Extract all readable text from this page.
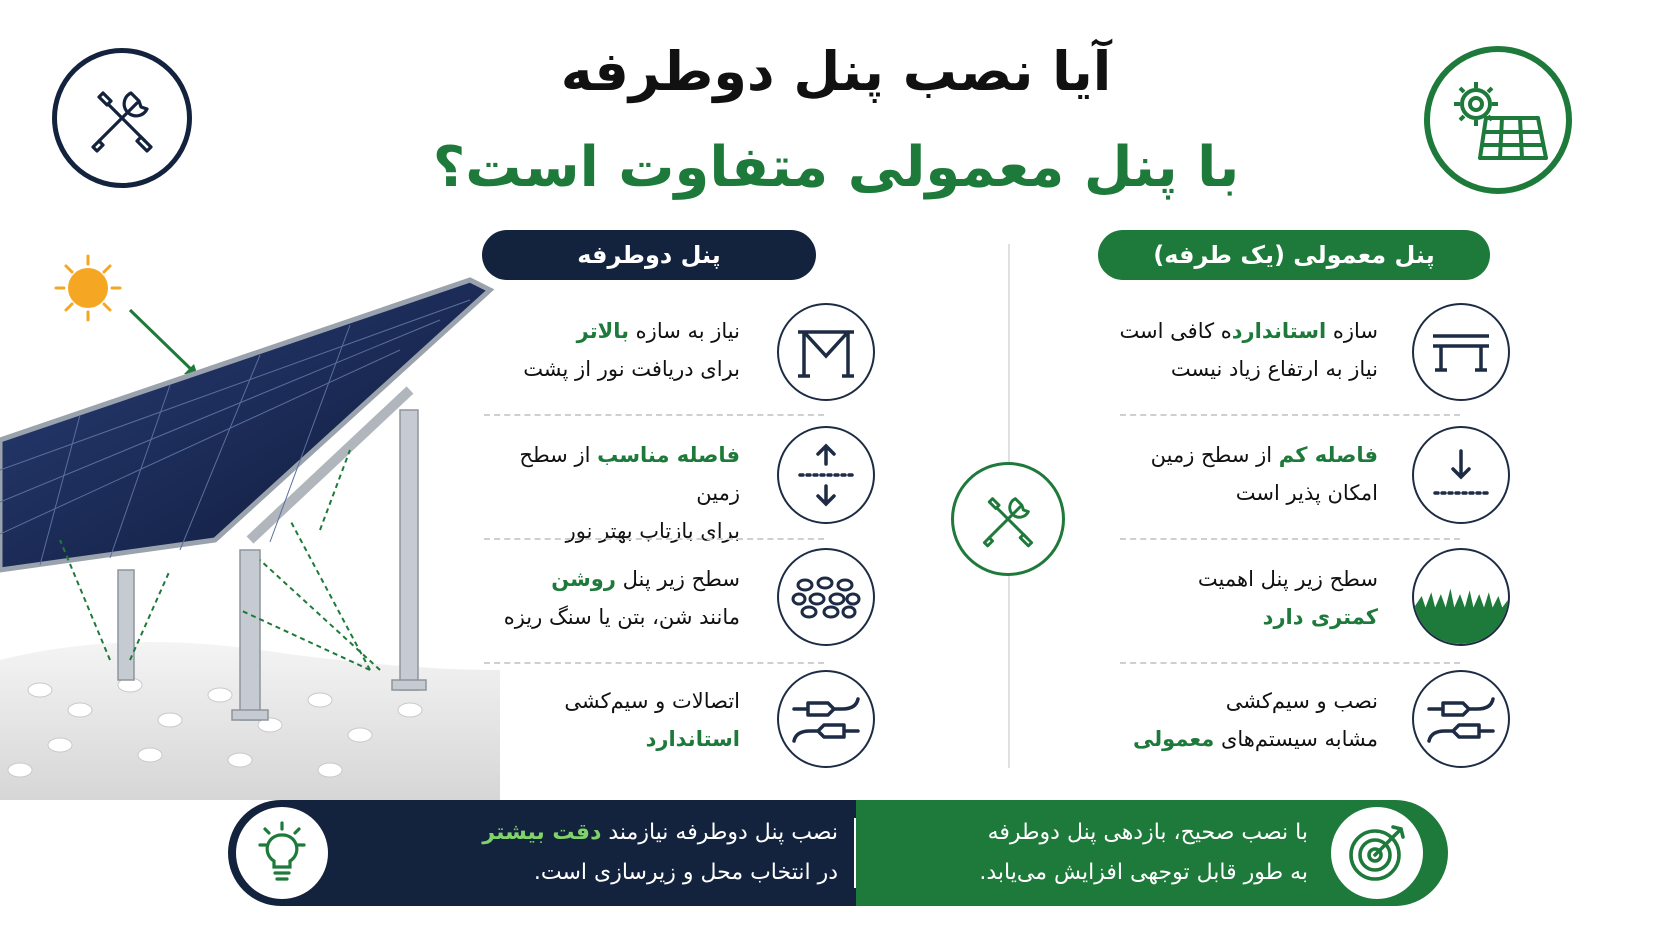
آیا نصب پنل دوطرفه
با پنل معمولی متفاوت است؟
پنل دوطرفه	پنل معمولی (یک طرفه)
نیاز به سازه بالاتر
برای دریافت نور از پشت
فاصله مناسب از سطح زمین
برای بازتاب بهتر نور
سطح زیر پنل روشن
مانند شن، بتن یا سنگ ریزه
اتصالات و سیم‌کشی
استاندارد
سازه استاندارده کافی است
نیاز به ارتفاع زیاد نیست
فاصله کم از سطح زمین
امکان پذیر است
سطح زیر پنل اهمیت
کمتری دارد
نصب و سیم‌کشی
مشابه سیستم‌های معمولی
نصب پنل دوطرفه نیازمند دقت بیشتر
در انتخاب محل و زیرسازی است.
با نصب صحیح، بازدهی پنل دوطرفه
به طور قابل توجهی افزایش می‌یابد.
